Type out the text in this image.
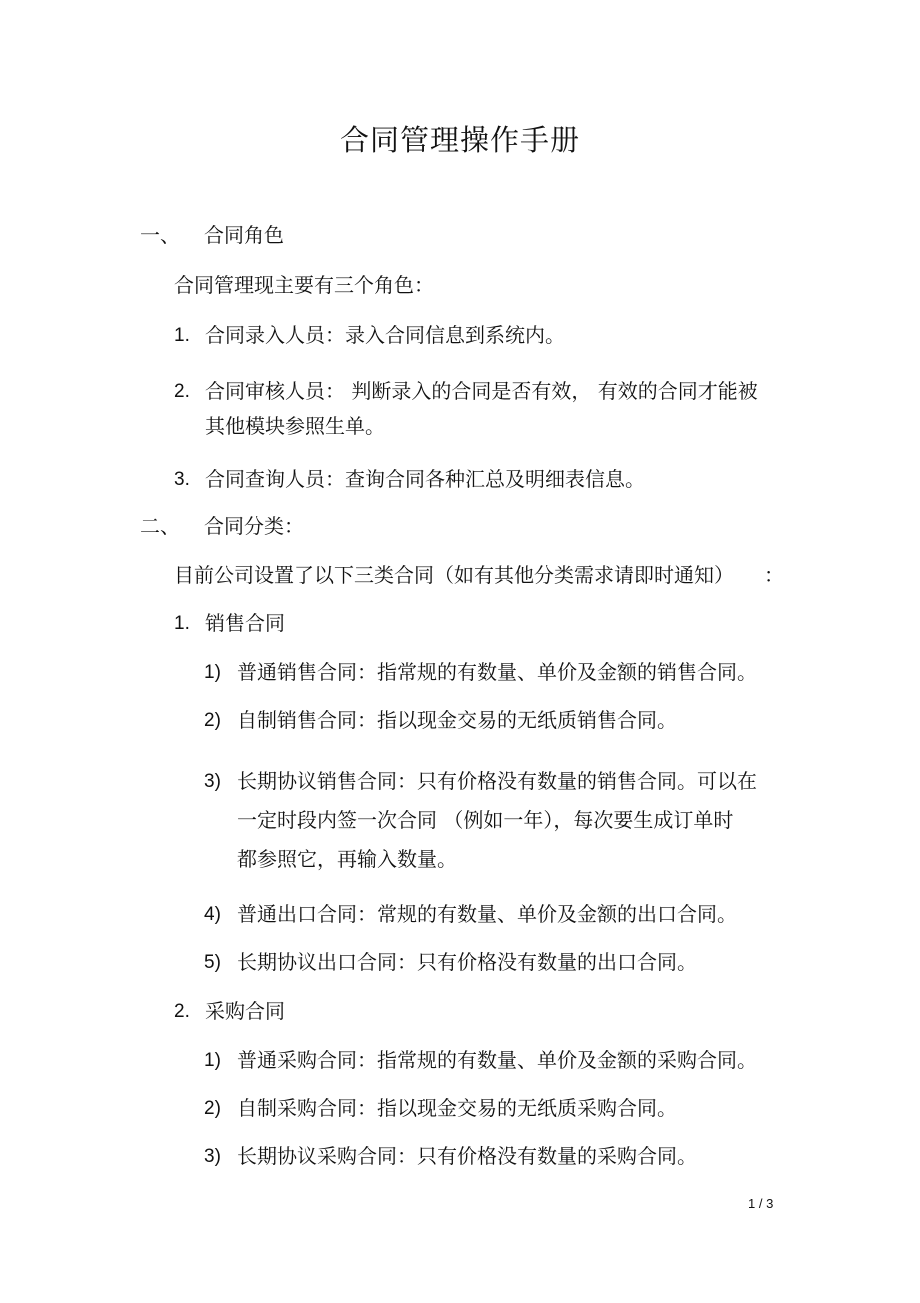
合同管理操作手册
一、 合同角色
合同管理现主要有三个角色：
1. 合同录入人员：录入合同信息到系统内。
2. 合同审核人员： 判断录入的合同是否有效， 有效的合同才能被
其他模块参照生单。
3. 合同查询人员：查询合同各种汇总及明细表信息。
二、 合同分类：
目前公司设置了以下三类合同（如有其他分类需求请即时通知） ：
1. 销售合同
1) 普通销售合同：指常规的有数量、单价及金额的销售合同。
2) 自制销售合同：指以现金交易的无纸质销售合同。
3) 长期协议销售合同：只有价格没有数量的销售合同。可以在
一定时段内签一次合同 （例如一年），每次要生成订单时
都参照它，再输入数量。
4) 普通出口合同：常规的有数量、单价及金额的出口合同。
5) 长期协议出口合同：只有价格没有数量的出口合同。
2. 采购合同
1) 普通采购合同：指常规的有数量、单价及金额的采购合同。
2) 自制采购合同：指以现金交易的无纸质采购合同。
3) 长期协议采购合同：只有价格没有数量的采购合同。
1 / 3
